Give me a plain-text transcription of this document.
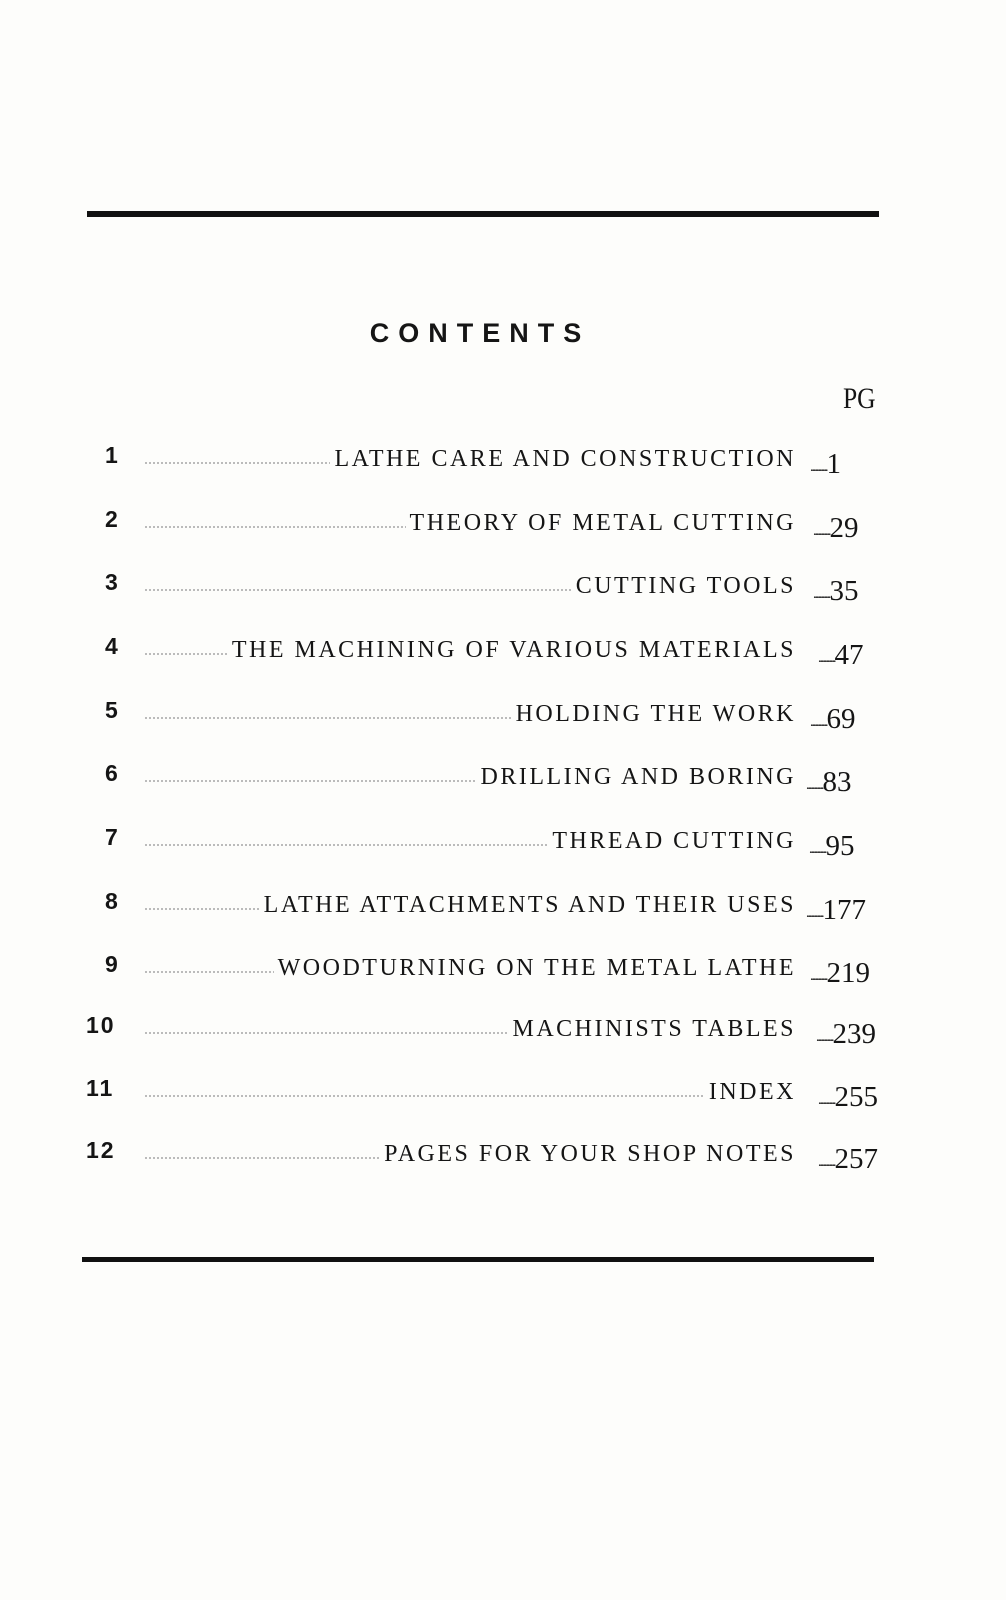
CONTENTS
PG
1	LATHE CARE AND CONSTRUCTION ...........1
2	THEORY OF METAL CUTTING ...........29
3	CUTTING TOOLS ...........35
4	THE MACHINING OF VARIOUS MATERIALS ...........47
5	HOLDING THE WORK ...........69
6	DRILLING AND BORING ...........83
7	THREAD CUTTING ...........95
8	LATHE ATTACHMENTS AND THEIR USES ...........177
9	WOODTURNING ON THE METAL LATHE ...........219
10	MACHINISTS TABLES ...........239
11	INDEX ...........255
12	PAGES FOR YOUR SHOP NOTES ...........257
